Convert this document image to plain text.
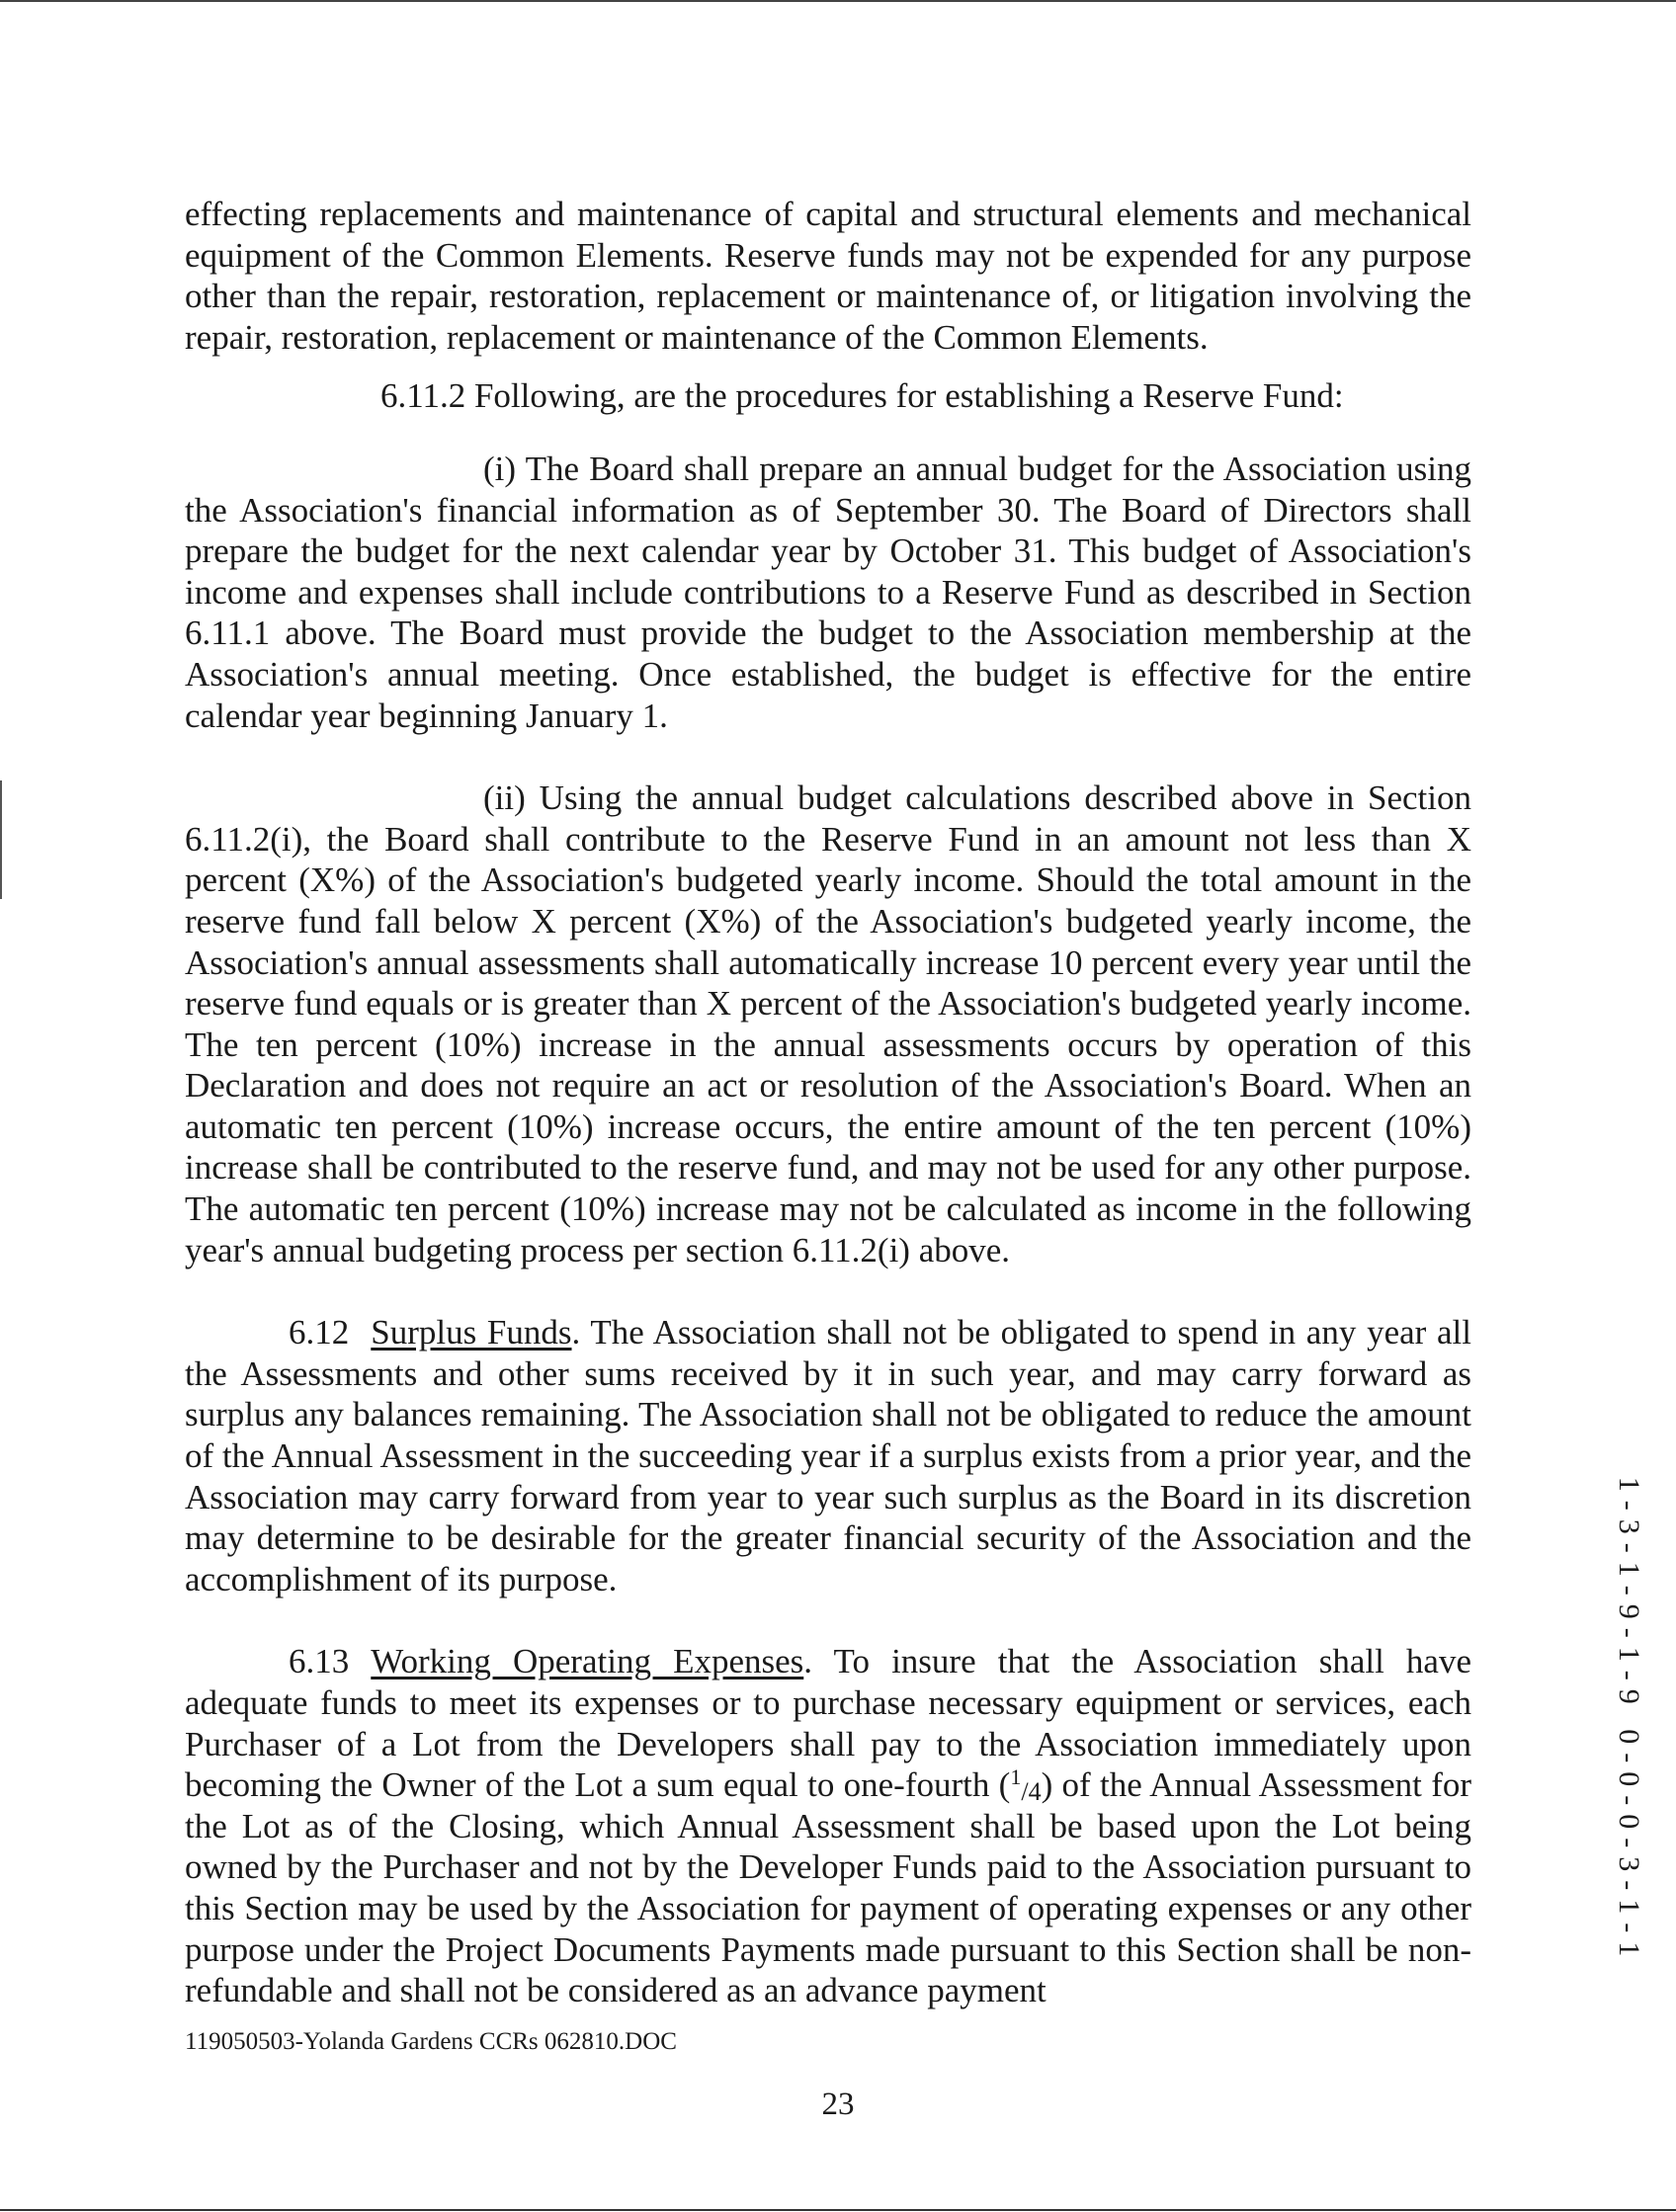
effecting replacements and maintenance of capital and structural elements and mechanical equipment of the Common Elements. Reserve funds may not be expended for any purpose other than the repair, restoration, replacement or maintenance of, or litigation involving the repair, restoration, replacement or maintenance of the Common Elements.

6.11.2 Following, are the procedures for establishing a Reserve Fund:

(i) The Board shall prepare an annual budget for the Association using the Association's financial information as of September 30. The Board of Directors shall prepare the budget for the next calendar year by October 31. This budget of Association's income and expenses shall include contributions to a Reserve Fund as described in Section 6.11.1 above. The Board must provide the budget to the Association membership at the Association's annual meeting. Once established, the budget is effective for the entire calendar year beginning January 1.

(ii) Using the annual budget calculations described above in Section 6.11.2(i), the Board shall contribute to the Reserve Fund in an amount not less than X percent (X%) of the Association's budgeted yearly income. Should the total amount in the reserve fund fall below X percent (X%) of the Association's budgeted yearly income, the Association's annual assessments shall automatically increase 10 percent every year until the reserve fund equals or is greater than X percent of the Association's budgeted yearly income. The ten percent (10%) increase in the annual assessments occurs by operation of this Declaration and does not require an act or resolution of the Association's Board. When an automatic ten percent (10%) increase occurs, the entire amount of the ten percent (10%) increase shall be contributed to the reserve fund, and may not be used for any other purpose. The automatic ten percent (10%) increase may not be calculated as income in the following year's annual budgeting process per section 6.11.2(i) above.

6.12 Surplus Funds. The Association shall not be obligated to spend in any year all the Assessments and other sums received by it in such year, and may carry forward as surplus any balances remaining. The Association shall not be obligated to reduce the amount of the Annual Assessment in the succeeding year if a surplus exists from a prior year, and the Association may carry forward from year to year such surplus as the Board in its discretion may determine to be desirable for the greater financial security of the Association and the accomplishment of its purpose.

6.13 Working Operating Expenses. To insure that the Association shall have adequate funds to meet its expenses or to purchase necessary equipment or services, each Purchaser of a Lot from the Developers shall pay to the Association immediately upon becoming the Owner of the Lot a sum equal to one-fourth ($^1_{/4}$) of the Annual Assessment for the Lot as of the Closing, which Annual Assessment shall be based upon the Lot being owned by the Purchaser and not by the Developer Funds paid to the Association pursuant to this Section may be used by the Association for payment of operating expenses or any other purpose under the Project Documents Payments made pursuant to this Section shall be non-refundable and shall not be considered as an advance payment

1-3-1-9-1-9 0-0-0-3-1-1
119050503-Yolanda Gardens CCRs 062810.DOC
23
